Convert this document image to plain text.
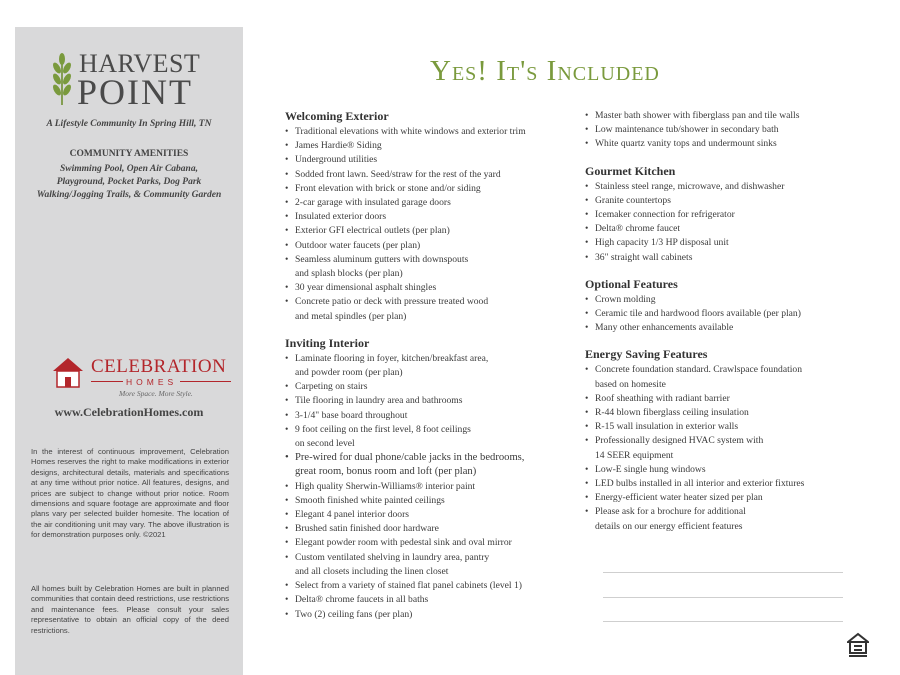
HARVEST
POINT
A Lifestyle Community In Spring Hill, TN
COMMUNITY AMENITIES
Swimming Pool, Open Air Cabana,
Playground, Pocket Parks, Dog Park
Walking/Jogging Trails, & Community Garden
CELEBRATION
HOMES
More Space. More Style.
www.CelebrationHomes.com
In the interest of continuous improvement, Celebration Homes reserves the right to make modifications in exterior designs, architectural details, materials and specifications at any time without prior notice. All features, designs, and prices are subject to change without prior notice. Room dimensions and square footage are approximate and floor plans vary per selected builder homesite. The location of the air conditioning unit may vary. The above illustration is for demonstration purposes only. ©2021
All homes built by Celebration Homes are built in planned communities that contain deed restrictions, use restrictions and maintenance fees. Please consult your sales representative to obtain an official copy of the deed restrictions.
Yes! It's Included
Welcoming Exterior
• Traditional elevations with white windows and exterior trim
• James Hardie® Siding
• Underground utilities
• Sodded front lawn. Seed/straw for the rest of the yard
• Front elevation with brick or stone and/or siding
• 2-car garage with insulated garage doors
• Insulated exterior doors
• Exterior GFI electrical outlets (per plan)
• Outdoor water faucets (per plan)
• Seamless aluminum gutters with downspouts
and splash blocks (per plan)
• 30 year dimensional asphalt shingles
• Concrete patio or deck with pressure treated wood
and metal spindles (per plan)
Inviting Interior
• Laminate flooring in foyer, kitchen/breakfast area,
and powder room (per plan)
• Carpeting on stairs
• Tile flooring in laundry area and bathrooms
• 3-1/4" base board throughout
• 9 foot ceiling on the first level, 8 foot ceilings
on second level
• Pre-wired for dual phone/cable jacks in the bedrooms,
great room, bonus room and loft (per plan)
• High quality Sherwin-Williams® interior paint
• Smooth finished white painted ceilings
• Elegant 4 panel interior doors
• Brushed satin finished door hardware
• Elegant powder room with pedestal sink and oval mirror
• Custom ventilated shelving in laundry area, pantry
and all closets including the linen closet
• Select from a variety of stained flat panel cabinets (level 1)
• Delta® chrome faucets in all baths
• Two (2) ceiling fans (per plan)
• Master bath shower with fiberglass pan and tile walls
• Low maintenance tub/shower in secondary bath
• White quartz vanity tops and undermount sinks
Gourmet Kitchen
• Stainless steel range, microwave, and dishwasher
• Granite countertops
• Icemaker connection for refrigerator
• Delta® chrome faucet
• High capacity 1/3 HP disposal unit
• 36" straight wall cabinets
Optional Features
• Crown molding
• Ceramic tile and hardwood floors available (per plan)
• Many other enhancements available
Energy Saving Features
• Concrete foundation standard. Crawlspace foundation
based on homesite
• Roof sheathing with radiant barrier
• R-44 blown fiberglass ceiling insulation
• R-15 wall insulation in exterior walls
• Professionally designed HVAC system with
14 SEER equipment
• Low-E single hung windows
• LED bulbs installed in all interior and exterior fixtures
• Energy-efficient water heater sized per plan
• Please ask for a brochure for additional
details on our energy efficient features
